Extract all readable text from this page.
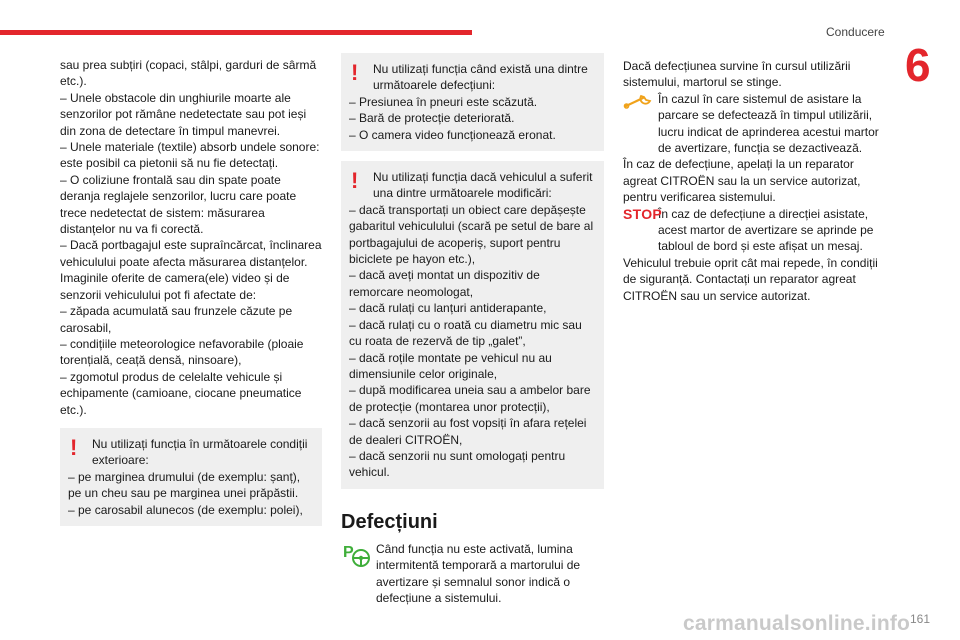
Conducere
6

sau prea subțiri (copaci, stâlpi, garduri de sârmă etc.).

– Unele obstacole din unghiurile moarte ale senzorilor pot rămâne nedetectate sau pot ieși din zona de detectare în timpul manevrei.

– Unele materiale (textile) absorb undele sonore: este posibil ca pietonii să nu fie detectați.

– O coliziune frontală sau din spate poate deranja reglajele senzorilor, lucru care poate trece nedetectat de sistem: măsurarea distanțelor nu va fi corectă.

– Dacă portbagajul este supraîncărcat, înclinarea vehiculului poate afecta măsurarea distanțelor.

Imaginile oferite de camera(ele) video și de senzorii vehiculului pot fi afectate de:

– zăpada acumulată sau frunzele căzute pe carosabil,

– condițiile meteorologice nefavorabile (ploaie torențială, ceață densă, ninsoare),

– zgomotul produs de celelalte vehicule și echipamente (camioane, ciocane pneumatice etc.).

! Nu utilizați funcția în următoarele condiții exterioare:

– pe marginea drumului (de exemplu: șanț), pe un cheu sau pe marginea unei prăpăstii.

– pe carosabil alunecos (de exemplu: polei),

! Nu utilizați funcția când există una dintre următoarele defecțiuni:

– Presiunea în pneuri este scăzută.

– Bară de protecție deteriorată.

– O camera video funcționează eronat.

! Nu utilizați funcția dacă vehiculul a suferit una dintre următoarele modificări:

– dacă transportați un obiect care depășește gabaritul vehiculului (scară pe setul de bare al portbagajului de acoperiș, suport pentru biciclete pe hayon etc.),

– dacă aveți montat un dispozitiv de remorcare neomologat,

– dacă rulați cu lanțuri antiderapante,

– dacă rulați cu o roată cu diametru mic sau cu roata de rezervă de tip „galet”,

– dacă roțile montate pe vehicul nu au dimensiunile celor originale,

– după modificarea uneia sau a ambelor bare de protecție (montarea unor protecții),

– dacă senzorii au fost vopsiți în afara rețelei de dealeri CITROËN,

– dacă senzorii nu sunt omologați pentru vehicul.

Defecțiuni

P Când funcția nu este activată, lumina intermitentă temporară a martorului de avertizare și semnalul sonor indică o defecțiune a sistemului.

Dacă defecțiunea survine în cursul utilizării sistemului, martorul se stinge.

În cazul în care sistemul de asistare la parcare se defectează în timpul utilizării, lucru indicat de aprinderea acestui martor de avertizare, funcția se dezactivează.

În caz de defecțiune, apelați la un reparator agreat CITROËN sau la un service autorizat, pentru verificarea sistemului.

STOP
În caz de defecțiune a direcției asistate, acest martor de avertizare se aprinde pe tabloul de bord și este afișat un mesaj.

Vehiculul trebuie oprit cât mai repede, în condiții de siguranță. Contactați un reparator agreat CITROËN sau un service autorizat.

carmanualsonline.info 161
